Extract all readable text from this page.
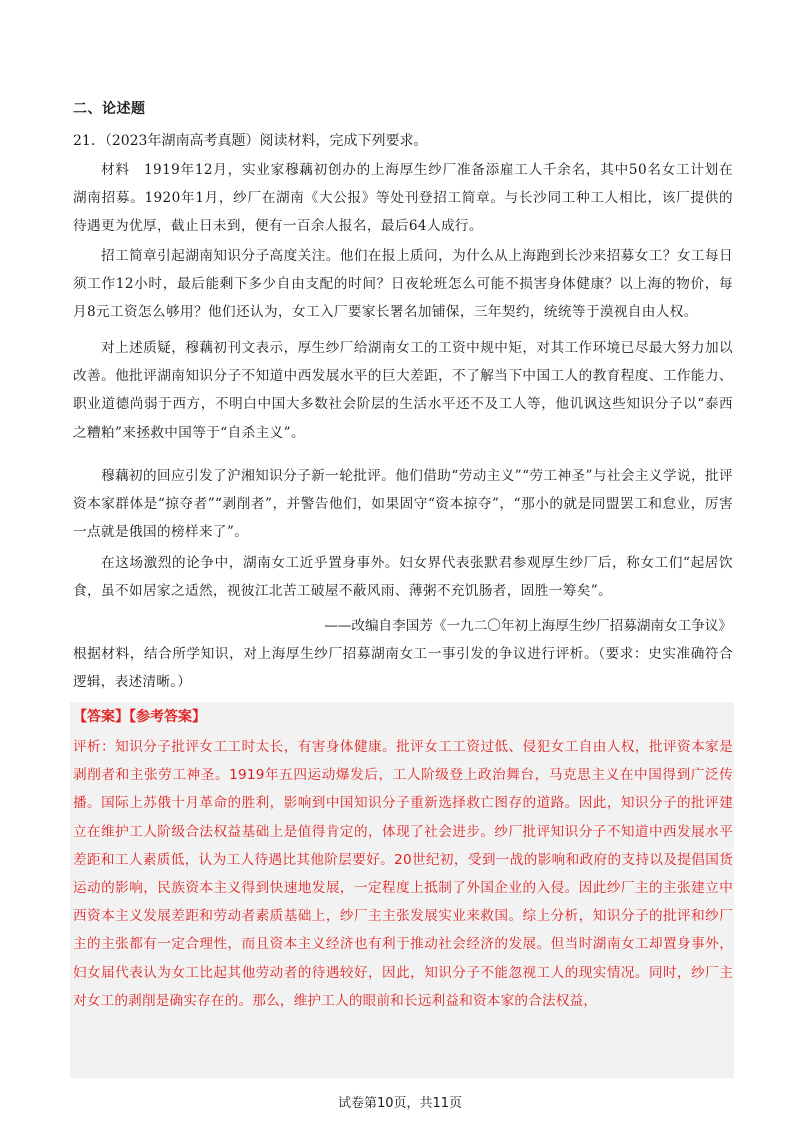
二、论述题
21．（2023年湖南高考真题）阅读材料，完成下列要求。
材料　1919年12月，实业家穆藕初创办的上海厚生纱厂准备添雇工人千余名，其中50名女工计划在湖南招募。1920年1月，纱厂在湖南《大公报》等处刊登招工简章。与长沙同工种工人相比，该厂提供的待遇更为优厚，截止日未到，便有一百余人报名，最后64人成行。
招工简章引起湖南知识分子高度关注。他们在报上质问，为什么从上海跑到长沙来招募女工？女工每日须工作12小时，最后能剩下多少自由支配的时间？日夜轮班怎么可能不损害身体健康？以上海的物价，每月8元工资怎么够用？他们还认为，女工入厂要家长署名加铺保，三年契约，统统等于漠视自由人权。
对上述质疑，穆藕初刊文表示，厚生纱厂给湖南女工的工资中规中矩，对其工作环境已尽最大努力加以改善。他批评湖南知识分子不知道中西发展水平的巨大差距，不了解当下中国工人的教育程度、工作能力、职业道德尚弱于西方，不明白中国大多数社会阶层的生活水平还不及工人等，他讥讽这些知识分子以“泰西之糟粕”来拯救中国等于“自杀主义”。
穆藕初的回应引发了沪湘知识分子新一轮批评。他们借助“劳动主义”“劳工神圣”与社会主义学说，批评资本家群体是“掠夺者”“剥削者”，并警告他们，如果固守“资本掠夺”，“那小的就是同盟罢工和怠业，厉害一点就是俄国的榜样来了”。
在这场激烈的论争中，湖南女工近乎置身事外。妇女界代表张默君参观厚生纱厂后，称女工们“起居饮食，虽不如居家之适然，视彼江北苦工破屋不蔽风雨、薄粥不充饥肠者，固胜一筹矣”。
——改编自李国芳《一九二〇年初上海厚生纱厂招募湖南女工争议》
根据材料，结合所学知识，对上海厚生纱厂招募湖南女工一事引发的争议进行评析。（要求：史实准确符合逻辑，表述清晰。）
【答案】【参考答案】
评析：知识分子批评女工工时太长，有害身体健康。批评女工工资过低、侵犯女工自由人权，批评资本家是剥削者和主张劳工神圣。1919年五四运动爆发后，工人阶级登上政治舞台，马克思主义在中国得到广泛传播。国际上苏俄十月革命的胜利，影响到中国知识分子重新选择救亡图存的道路。因此，知识分子的批评建立在维护工人阶级合法权益基础上是值得肯定的，体现了社会进步。纱厂批评知识分子不知道中西发展水平差距和工人素质低，认为工人待遇比其他阶层要好。20世纪初，受到一战的影响和政府的支持以及提倡国货运动的影响，民族资本主义得到快速地发展，一定程度上抵制了外国企业的入侵。因此纱厂主的主张建立中西资本主义发展差距和劳动者素质基础上，纱厂主主张发展实业来救国。综上分析，知识分子的批评和纱厂主的主张都有一定合理性，而且资本主义经济也有利于推动社会经济的发展。但当时湖南女工却置身事外，妇女届代表认为女工比起其他劳动者的待遇较好，因此，知识分子不能忽视工人的现实情况。同时，纱厂主对女工的剥削是确实存在的。那么，维护工人的眼前和长远利益和资本家的合法权益，
试卷第10页，共11页
